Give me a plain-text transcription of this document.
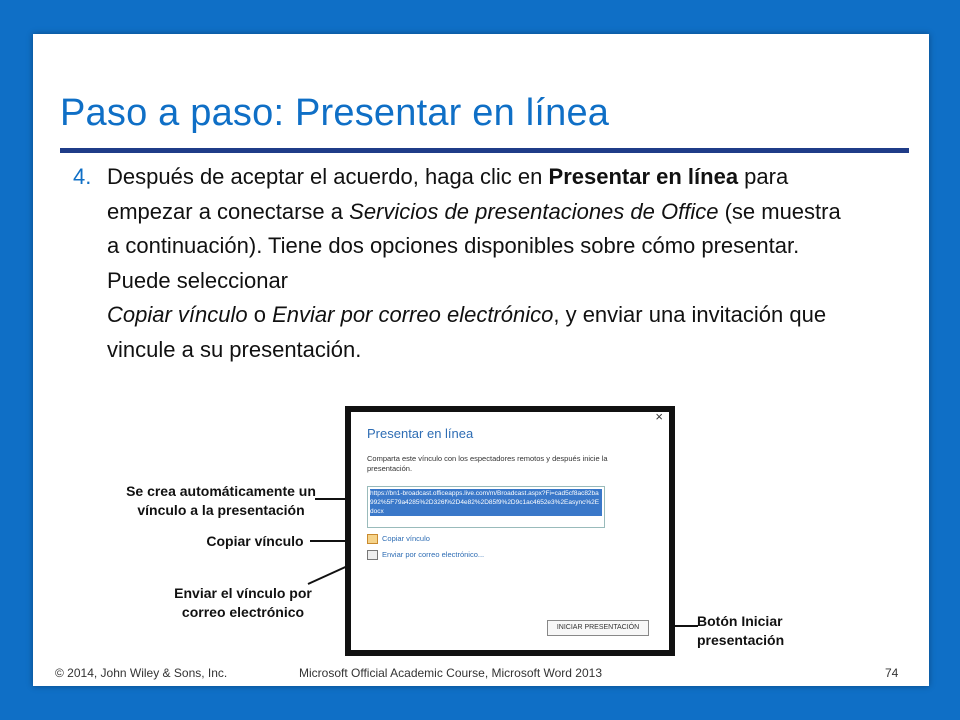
Paso a paso: Presentar en línea
4. Después de aceptar el acuerdo, haga clic en Presentar en línea para empezar a conectarse a Servicios de presentaciones de Office (se muestra a continuación). Tiene dos opciones disponibles sobre cómo presentar. Puede seleccionar
Copiar vínculo o Enviar por correo electrónico, y enviar una invitación que vincule a su presentación.
×
Presentar en línea
Comparta este vínculo con los espectadores remotos y después inicie la presentación.
https://bn1-broadcast.officeapps.live.com/m/Broadcast.aspx?Fi=cad5cf8ac82ba992%5F79a4285%2D326f%2D4e82%2D85f9%2D9c1ac4652e3%2Easync%2Edocx
Copiar vínculo
Enviar por correo electrónico...
INICIAR PRESENTACIÓN
Se crea automáticamente un vínculo a la presentación
Copiar vínculo
Enviar el vínculo por correo electrónico
Botón Iniciar presentación
© 2014, John Wiley & Sons, Inc.	Microsoft Official Academic Course, Microsoft Word 2013	74
